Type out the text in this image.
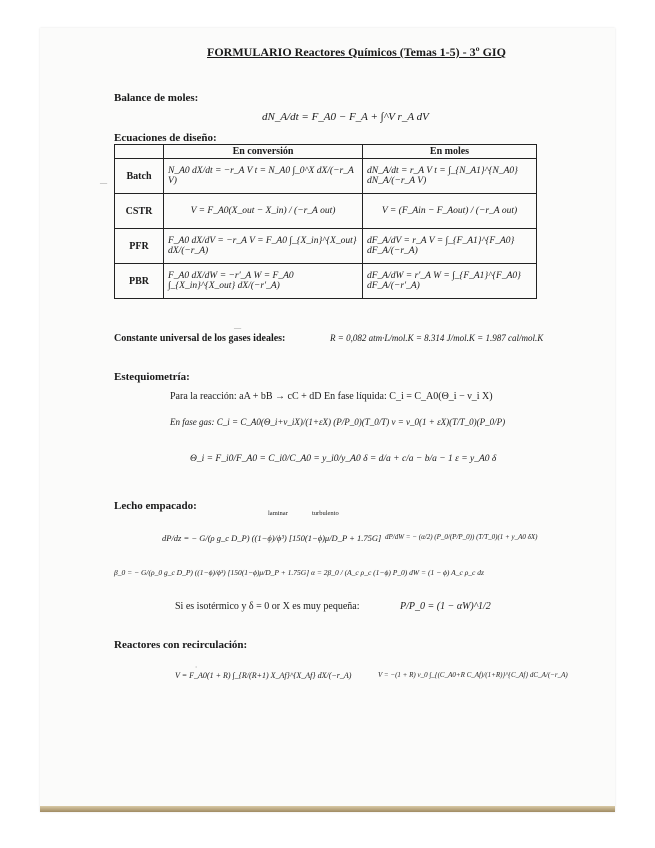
FORMULARIO Reactores Químicos (Temas 1-5) - 3º GIQ
Balance de moles:
dN_A/dt = F_A0 − F_A + ∫^V r_A dV
Ecuaciones de diseño:
	En conversión	En moles
Batch	N_A0 dX/dt = −r_A V t = N_A0 ∫_0^X dX/(−r_A V)	dN_A/dt = r_A V t = ∫_{N_A1}^{N_A0} dN_A/(−r_A V)
CSTR	V = F_A0(X_out − X_in) / (−r_A out)	V = (F_Ain − F_Aout) / (−r_A out)
PFR	F_A0 dX/dV = −r_A V = F_A0 ∫_{X_in}^{X_out} dX/(−r_A)	dF_A/dV = r_A V = ∫_{F_A1}^{F_A0} dF_A/(−r_A)
PBR	F_A0 dX/dW = −r′_A W = F_A0 ∫_{X_in}^{X_out} dX/(−r′_A)	dF_A/dW = r′_A W = ∫_{F_A1}^{F_A0} dF_A/(−r′_A)
Constante universal de los gases ideales:	R = 0,082 atm·L/mol.K = 8.314 J/mol.K = 1.987 cal/mol.K
Estequiometría:
Para la reacción: aA + bB → cC + dD En fase líquida: C_i = C_A0(Θ_i − ν_i X)
En fase gas: C_i = C_A0(Θ_i+ν_iX)/(1+εX) (P/P_0)(T_0/T) v = v_0(1 + εX)(T/T_0)(P_0/P)
Θ_i = F_i0/F_A0 = C_i0/C_A0 = y_i0/y_A0 δ = d/a + c/a − b/a − 1 ε = y_A0 δ
Lecho empacado:
laminar	turbulento
dP/dz = − G/(ρ g_c D_P) ((1−ϕ)/ϕ³) [150(1−ϕ)μ/D_P + 1.75G] dP/dW = − (α/2) (P_0/(P/P_0)) (T/T_0)(1 + y_A0 δX)
β_0 = − G/(ρ_0 g_c D_P) ((1−ϕ)/ϕ³) [150(1−ϕ)μ/D_P + 1.75G] α = 2β_0 / (A_c ρ_c (1−ϕ) P_0) dW = (1 − ϕ) A_c ρ_c dz
Si es isotérmico y δ = 0 or X es muy pequeña:	P/P_0 = (1 − αW)^1/2
Reactores con recirculación:
V = F_A0(1 + R) ∫_{R/(R+1) X_Af}^{X_Af} dX/(−r_A)	V = −(1 + R) v_0 ∫_{(C_A0+R C_Af)/(1+R)}^{C_Af} dC_A/(−r_A)
—
—
·
